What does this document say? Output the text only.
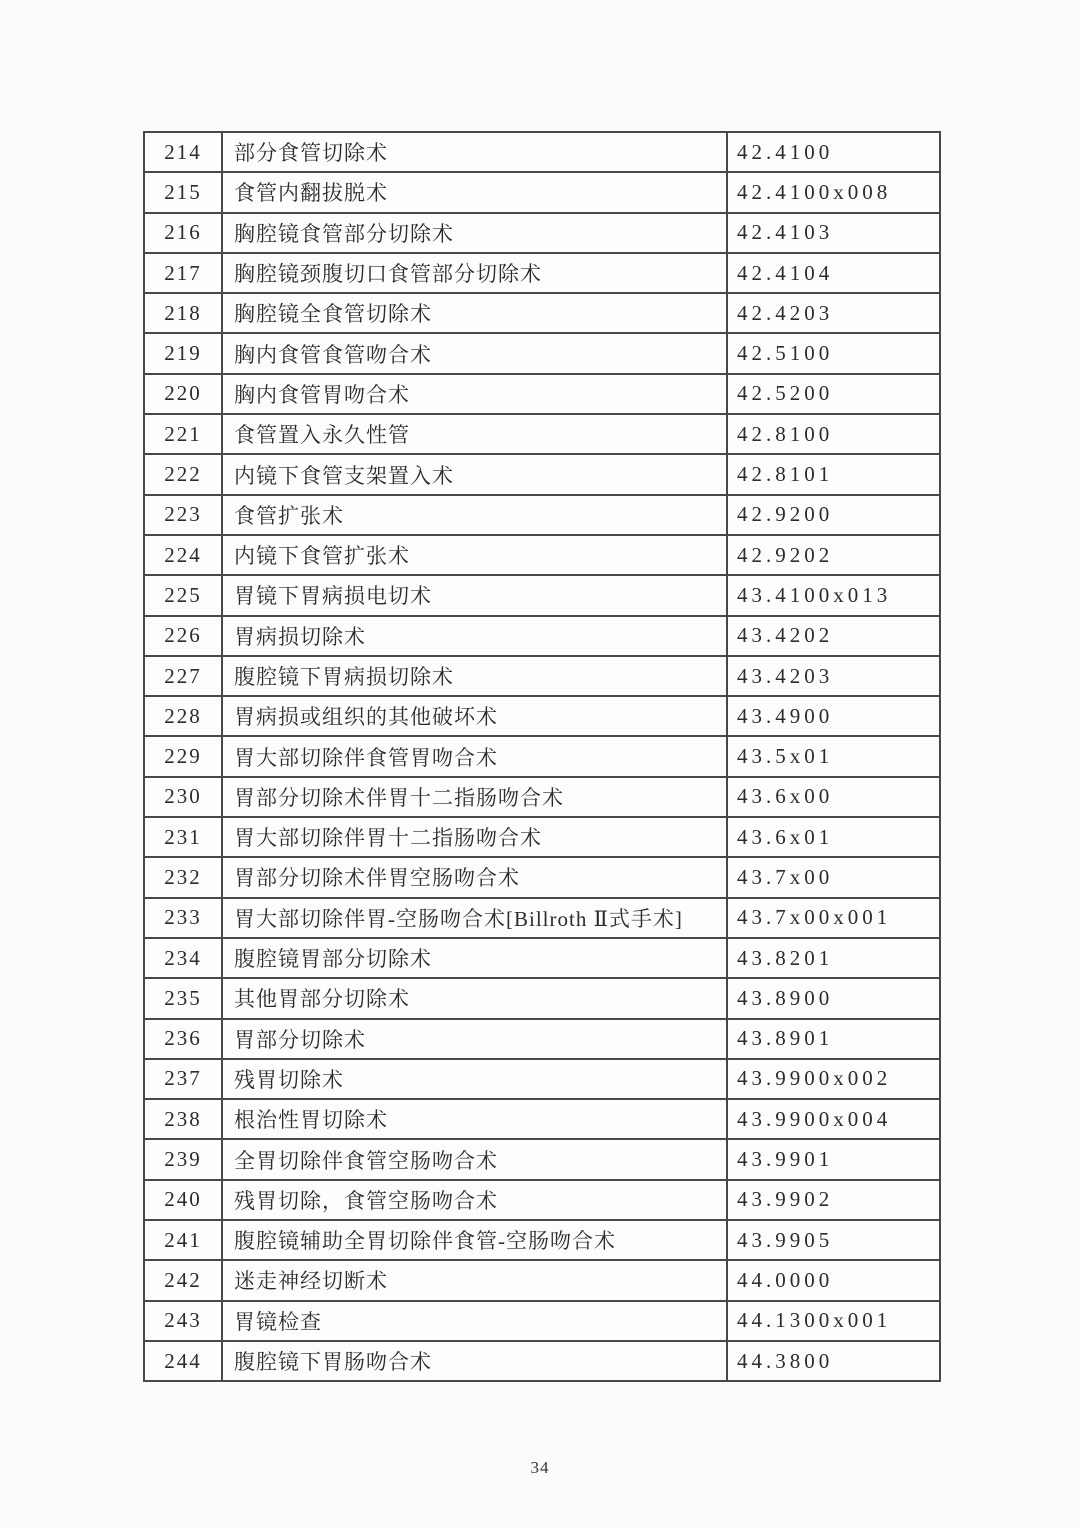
214	部分食管切除术	42.4100
215	食管内翻拔脱术	42.4100x008
216	胸腔镜食管部分切除术	42.4103
217	胸腔镜颈腹切口食管部分切除术	42.4104
218	胸腔镜全食管切除术	42.4203
219	胸内食管食管吻合术	42.5100
220	胸内食管胃吻合术	42.5200
221	食管置入永久性管	42.8100
222	内镜下食管支架置入术	42.8101
223	食管扩张术	42.9200
224	内镜下食管扩张术	42.9202
225	胃镜下胃病损电切术	43.4100x013
226	胃病损切除术	43.4202
227	腹腔镜下胃病损切除术	43.4203
228	胃病损或组织的其他破坏术	43.4900
229	胃大部切除伴食管胃吻合术	43.5x01
230	胃部分切除术伴胃十二指肠吻合术	43.6x00
231	胃大部切除伴胃十二指肠吻合术	43.6x01
232	胃部分切除术伴胃空肠吻合术	43.7x00
233	胃大部切除伴胃-空肠吻合术[Billroth Ⅱ式手术]	43.7x00x001
234	腹腔镜胃部分切除术	43.8201
235	其他胃部分切除术	43.8900
236	胃部分切除术	43.8901
237	残胃切除术	43.9900x002
238	根治性胃切除术	43.9900x004
239	全胃切除伴食管空肠吻合术	43.9901
240	残胃切除，食管空肠吻合术	43.9902
241	腹腔镜辅助全胃切除伴食管-空肠吻合术	43.9905
242	迷走神经切断术	44.0000
243	胃镜检查	44.1300x001
244	腹腔镜下胃肠吻合术	44.3800
34
